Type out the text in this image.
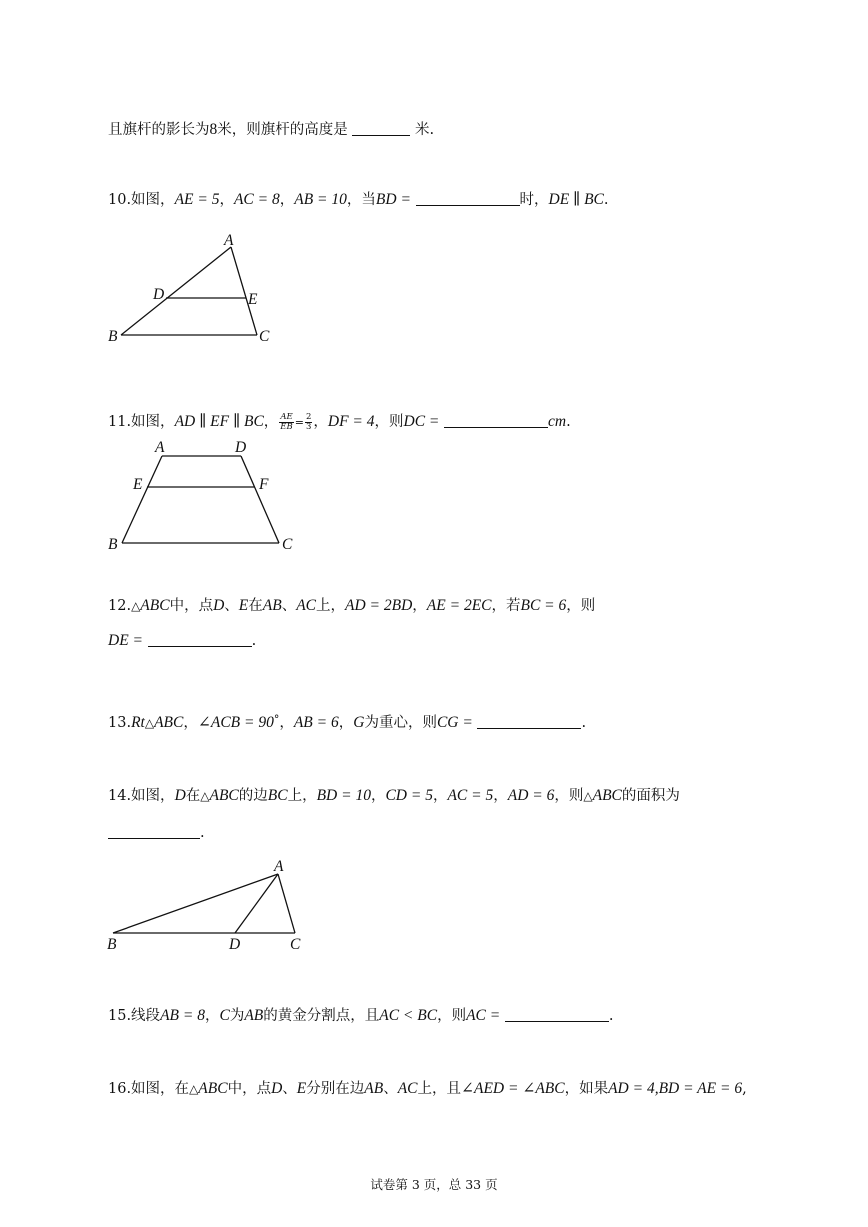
且旗杆的影长为8米，则旗杆的高度是	米.
10.如图，AE = 5，AC = 8，AB = 10，当BD =	时，DE ∥ BC.
A
D	E
B	C
11.如图，AD ∥ EF ∥ BC， $\frac{AE}{EB} = \frac{2}{3}$ ，DF = 4，则DC =	cm.
A	D
E	F
B	C
12.△ABC中，点D、E在AB、AC上，AD = 2BD，AE = 2EC，若BC = 6，则
DE =	.
13.Rt△ABC，∠ACB = 90°，AB = 6，G为重心，则CG =	.
14.如图，D在△ABC的边BC上，BD = 10，CD = 5，AC = 5，AD = 6，则△ABC的面积为
.
A
B	D	C
15.线段AB = 8，C为AB的黄金分割点，且AC < BC，则AC =	.
16.如图，在△ABC中，点D、E分别在边AB、AC上，且∠AED = ∠ABC，如果AD = 4,BD = AE = 6,
试卷第 3 页，总 33 页
